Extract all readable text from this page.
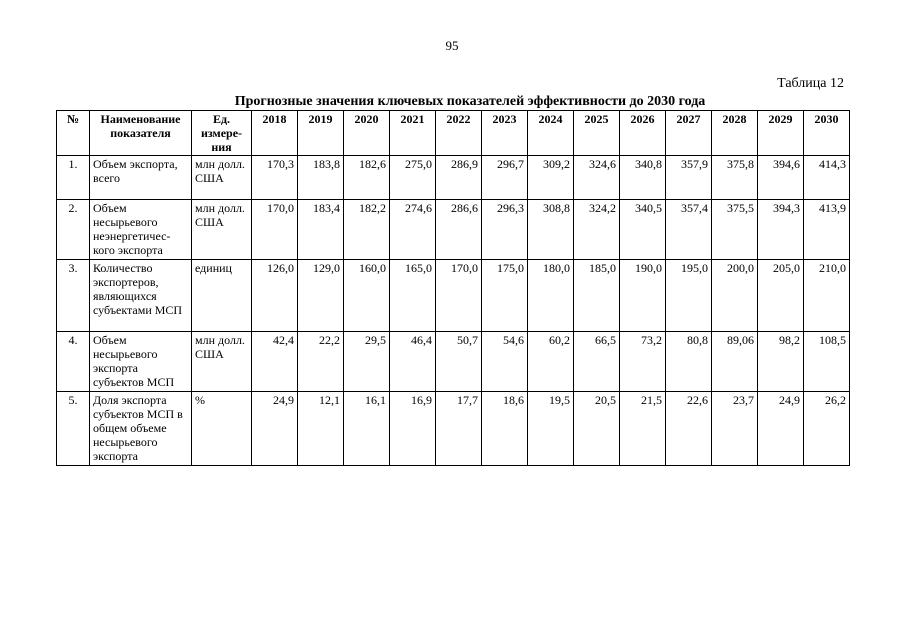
95
Таблица 12
Прогнозные значения ключевых показателей эффективности до 2030 года
№	Наименование показателя	Ед. измере-ния	2018	2019	2020	2021	2022	2023	2024	2025	2026	2027	2028	2029	2030
1.	Объем экспорта, всего	млн долл. США	170,3	183,8	182,6	275,0	286,9	296,7	309,2	324,6	340,8	357,9	375,8	394,6	414,3
2.	Объем несырьевого неэнергетичес-кого экспорта	млн долл. США	170,0	183,4	182,2	274,6	286,6	296,3	308,8	324,2	340,5	357,4	375,5	394,3	413,9
3.	Количество экспортеров, являющихся субъектами МСП	единиц	126,0	129,0	160,0	165,0	170,0	175,0	180,0	185,0	190,0	195,0	200,0	205,0	210,0
4.	Объем несырьевого экспорта субъектов МСП	млн долл. США	42,4	22,2	29,5	46,4	50,7	54,6	60,2	66,5	73,2	80,8	89,06	98,2	108,5
5.	Доля экспорта субъектов МСП в общем объеме несырьевого экспорта	%	24,9	12,1	16,1	16,9	17,7	18,6	19,5	20,5	21,5	22,6	23,7	24,9	26,2
